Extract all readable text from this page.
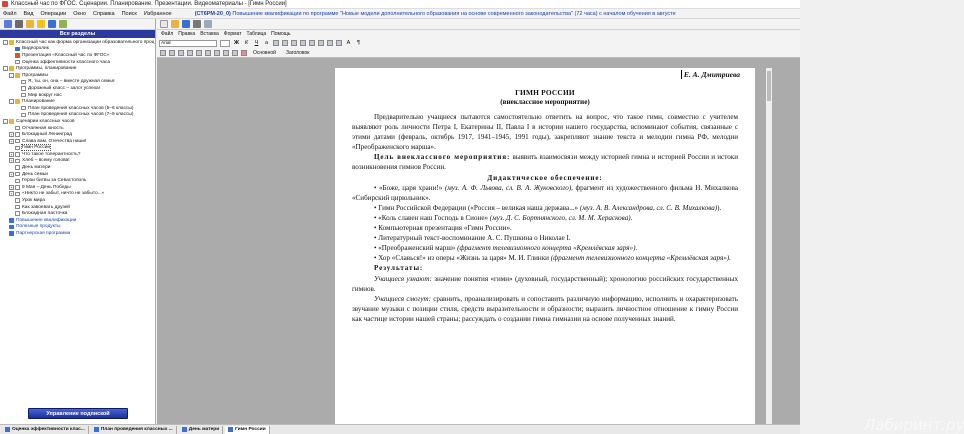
Классный час по ФГОС. Сценарии. Планирование. Презентации. Видеоматериалы - [Гимн России]
Файл Вид Операции Окно Справка Поиск Избранное	(СТ6РМ-20_0) Повышение квалификации по программе "Новые модели дополнительного образования на основе современного законодательства" (72 часа) с началом обучения в августе
Все разделы
-	Классный час как форма организации образовательного проц
Видеоролик
Презентация «Классный час по ФГОС»
Оценка эффективности классного часа
-	Программы, планирование
-	Программы
Я, ты, он, она – вместе дружная семья
Дорожный класс – залог успеха!
Мир вокруг нас
-	Планирование
План проведения классных часов (5–6 классы)
План проведения классных часов (7–9 классы)
-	Сценарии классных часов
Отчаянная юность
+ Блокадный Ленинград
+ Слава вам, Отечества наши!
Гимн России
+ Что такое толерантность?
+ Хлеб – всему голова!
День матери
+ День семьи
Герои битвы за Севастополь
+ 9 Мая – День Победы
+ «Никто не забыт, ничто не забыто...»
Урок мира
Как завоевать друзей
Блокадная ласточка
Повышение квалификации
Полезные продукты
Партнерская программа
Управление подпиской
Файл Правка Вставка Формат Таблица Помощь
Arial	Ж	К	Ч	a	A	¶
Основной Заголовок
Е. А. Дмитриева
ГИМН РОССИИ
(внеклассное мероприятие)

Предварительно учащиеся пытаются самостоятельно ответить на вопрос, что такое гимн, совместно с учителем выявляют роль личности Петра I, Екатерины II, Павла I в истории нашего государства, вспоминают события, связанные с этими датами (февраль, октябрь 1917, 1941–1945, 1991 годы), закрепляют знание текста и мелодии гимна РФ, мелодии «Преображенского марша».

Цель внеклассного мероприятия: выявить взаимосвязи между историей гимна и историей России и истоки возникновения гимнов России.

Дидактическое обеспечение:

• «Боже, царя храни!» (муз. А. Ф. Львова, сл. В. А. Жуковского), фрагмент из художественного фильма Н. Михалкова «Сибирский цирюльник».

• Гимн Российской Федерации («Россия – великая наша держава...» (муз. А. В. Александрова, сл. С. В. Михалкова)).

• «Коль славен наш Господь в Сионе» (муз. Д. С. Бортнянского, сл. М. М. Хераскова).

• Компьютерная презентация «Гимн России».

• Литературный текст-воспоминание А. С. Пушкина о Николае I.

• «Преображенский марш» (фрагмент телевизионного концерта «Кремлёвская заря»).

• Хор «Славься!» из оперы «Жизнь за царя» М. И. Глинки (фрагмент телевизионного концерта «Кремлёвская заря»).

Результаты:

Учащиеся узнают: значение понятия «гимн» (духовный, государственный); хронологию российских государственных гимнов.

Учащиеся смогут: сравнить, проанализировать и сопоставить различную информацию, исполнить и охарактеризовать звучание музыки с позиции стиля, средств выразительности и образности; выразить личностное отношение к гимну России как частице истории нашей страны; рассуждать о создании гимна гимназии на основе полученных знаний.

Лабиринт.ру
Оценка эффективности клас...	План проведения классных ...	День матери	Гимн России
